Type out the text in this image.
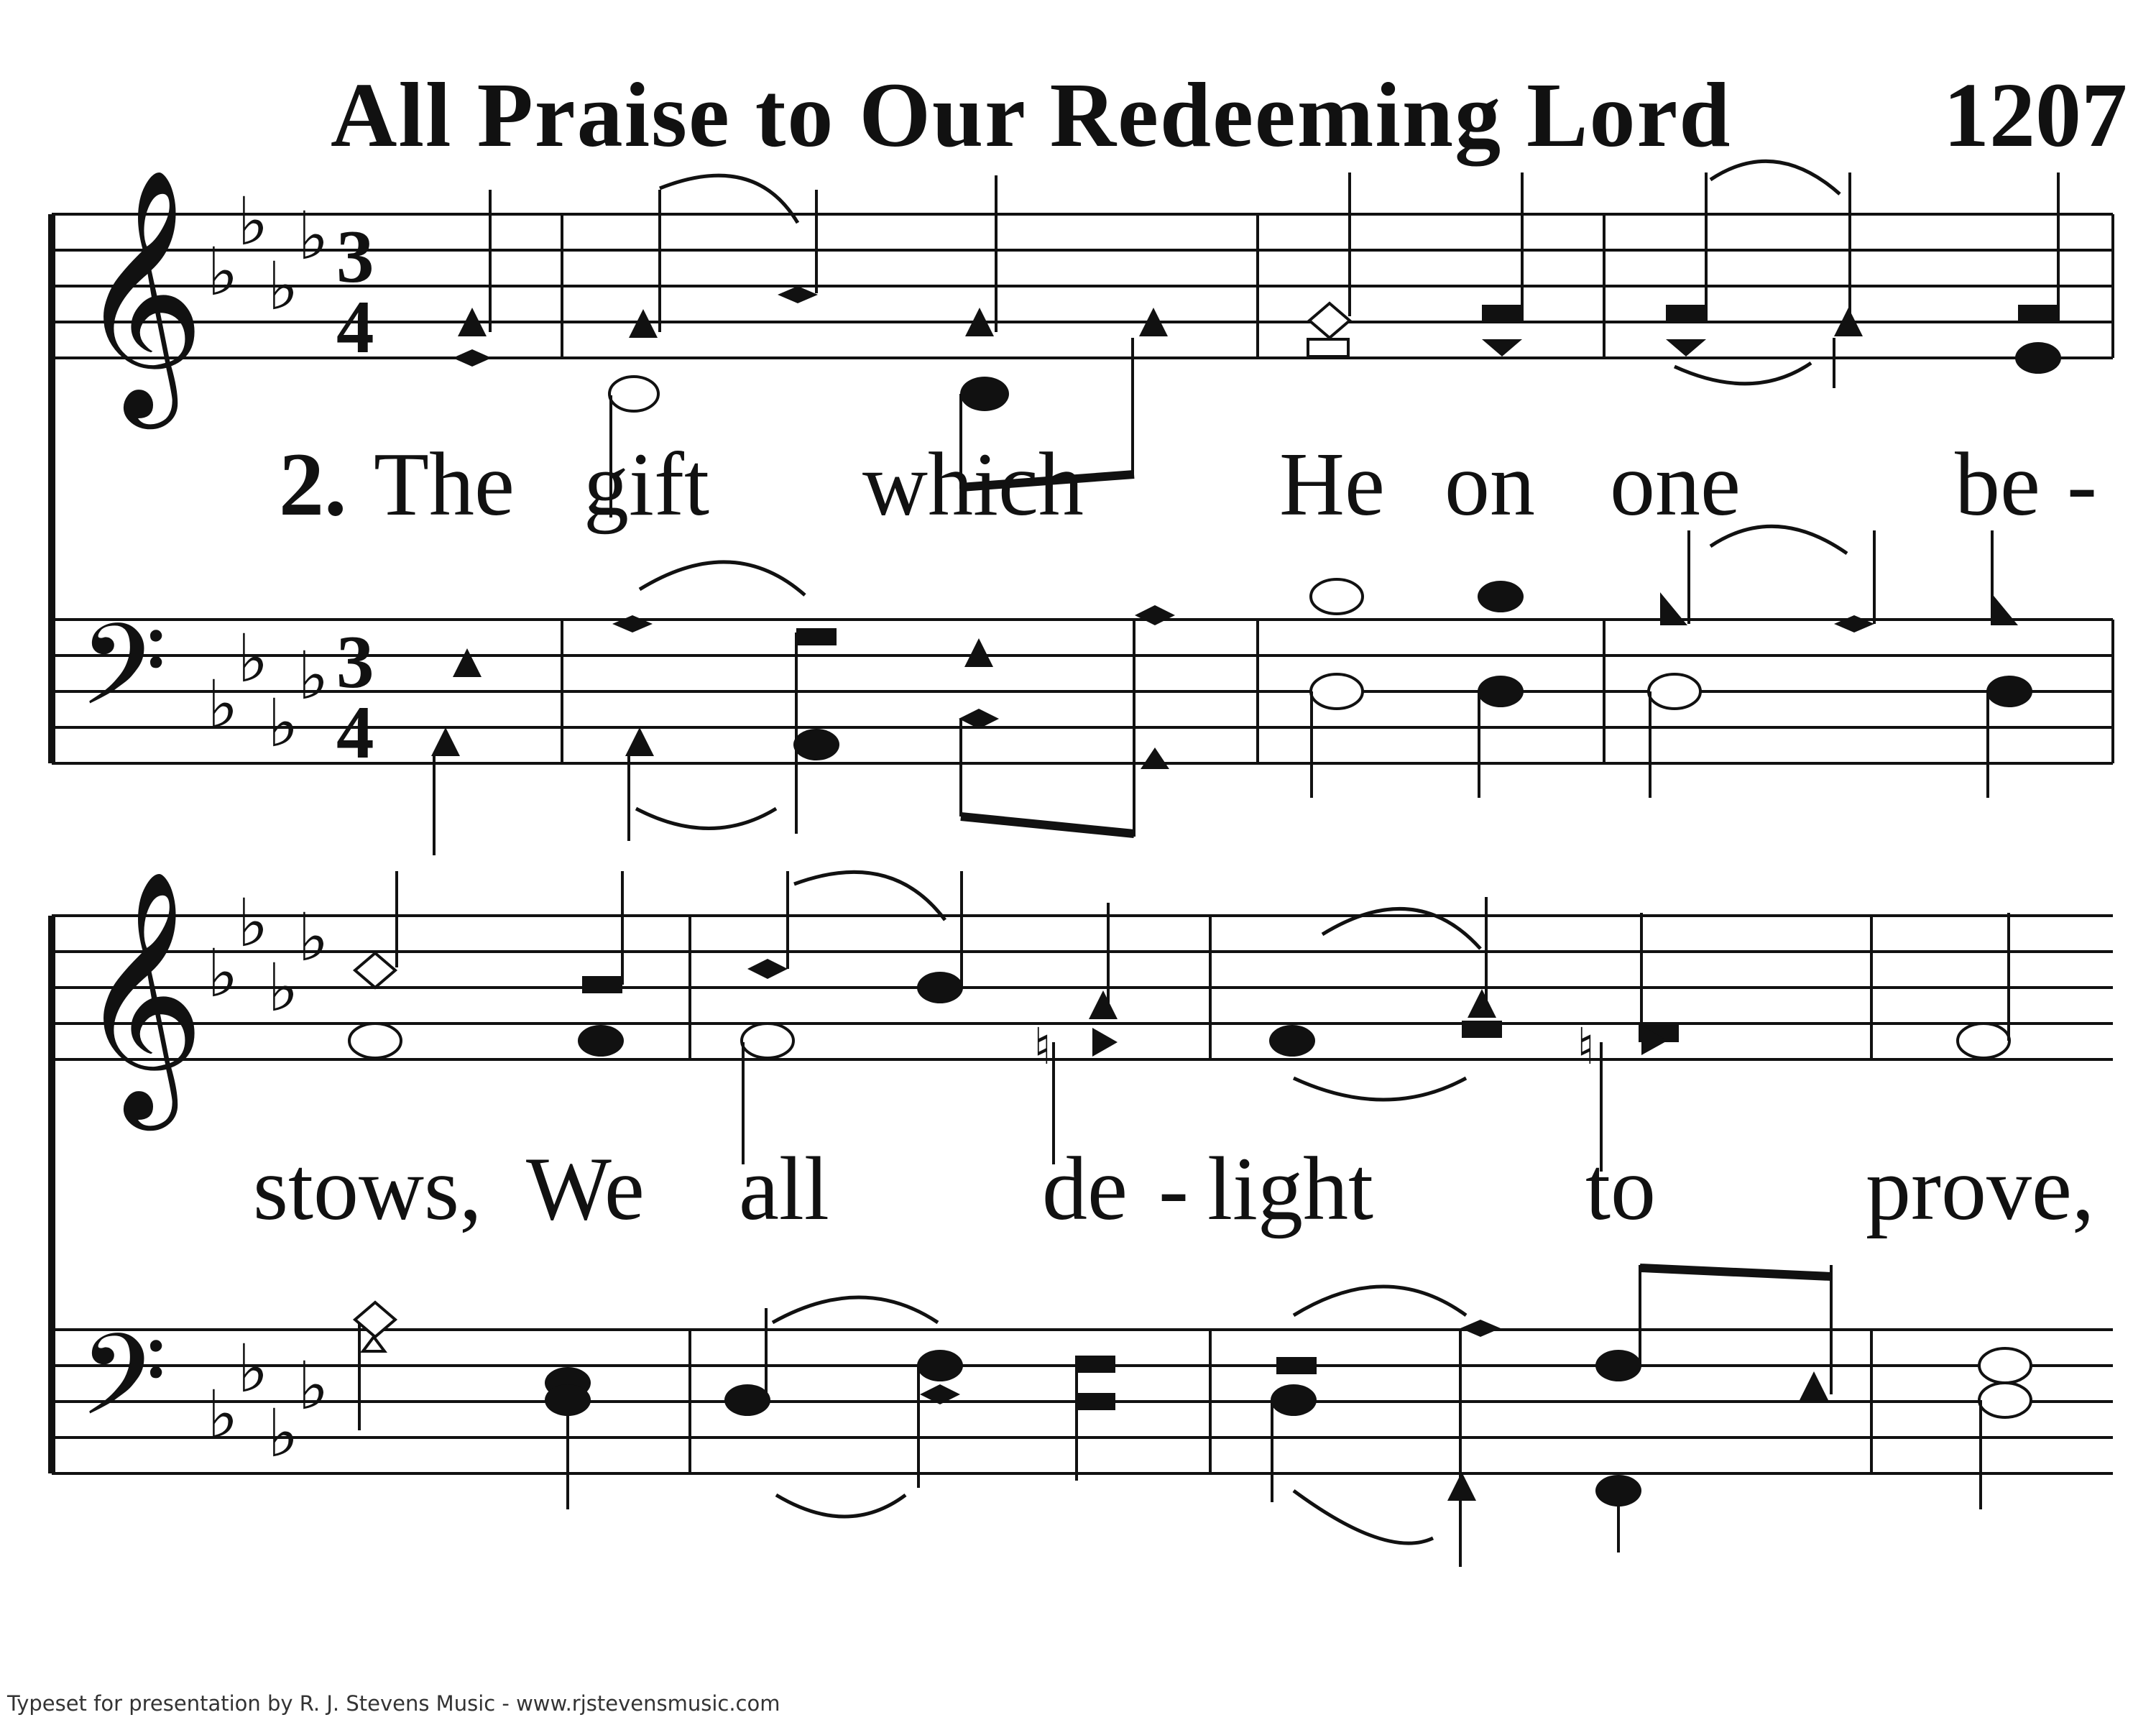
All Praise to Our Redeeming Lord	1207
𝄞
𝄢
♭
♭
♭
♭
♭
♭
♭
♭
3
4
3
4
𝄞
𝄢
♭
♭
♭
♭
♭
♭
♭
♭
♮	♮
2. The gift which He on one be -
stows, We all de - light to prove,
Typeset for presentation by R. J. Stevens Music - www.rjstevensmusic.com
